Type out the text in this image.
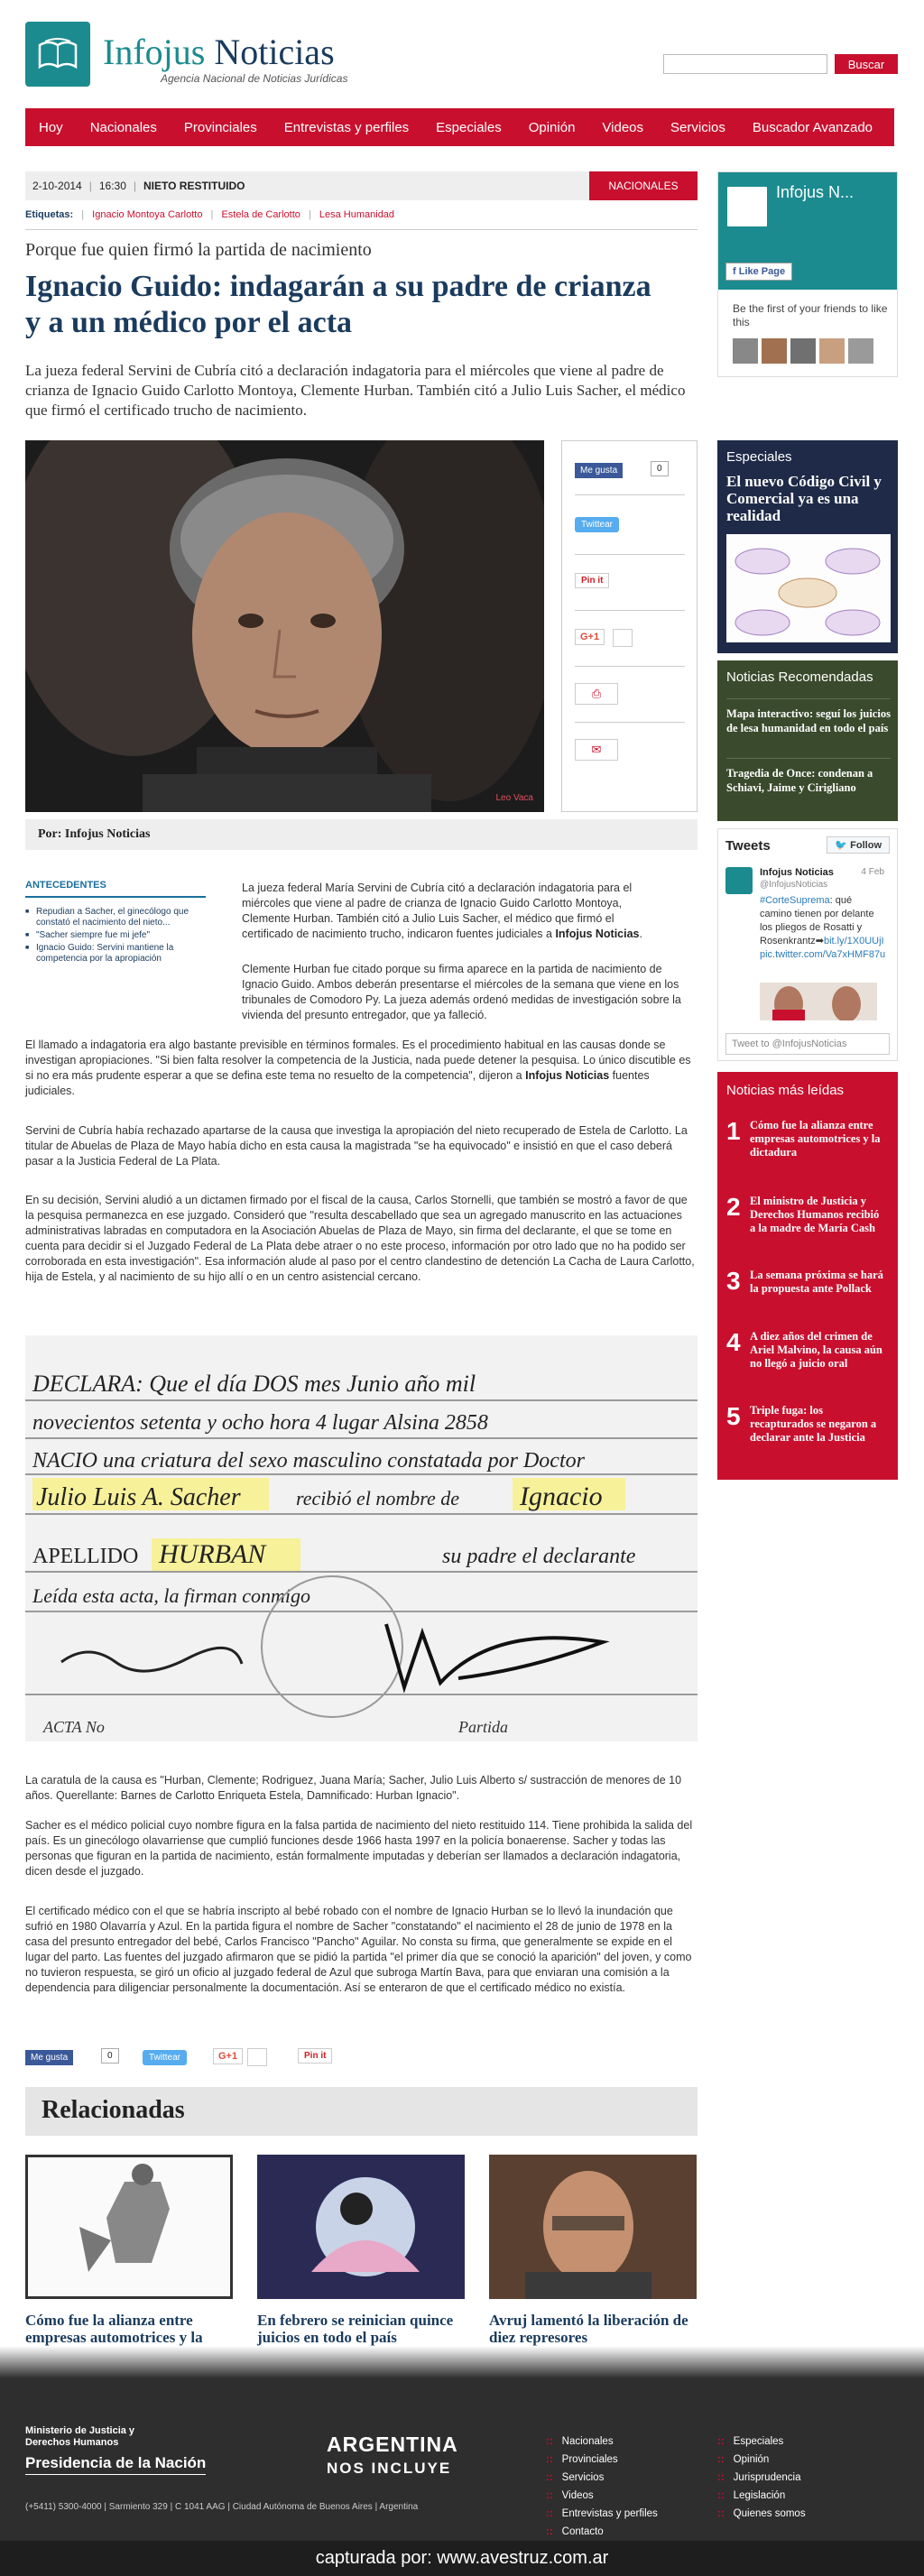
Infojus Noticias
Agencia Nacional de Noticias Jurídicas
Buscar
Hoy	Nacionales	Provinciales	Entrevistas y perfiles	Especiales	Opinión	Videos	Servicios	Buscador Avanzado
2-10-2014 | 16:30 | NIETO RESTITUIDO	NACIONALES
Etiquetas: | Ignacio Montoya Carlotto | Estela de Carlotto | Lesa Humanidad
Porque fue quien firmó la partida de nacimiento
Ignacio Guido: indagarán a su padre de crianza y a un médico por el acta

La jueza federal Servini de Cubría citó a declaración indagatoria para el miércoles que viene al padre de crianza de Ignacio Guido Carlotto Montoya, Clemente Hurban. También citó a Julio Luis Sacher, el médico que firmó el certificado trucho de nacimiento.

Leo Vaca
Me gusta	0
Twittear
Pin it
G+1
⎙
✉
Por: Infojus Noticias
ANTECEDENTES
■ Repudian a Sacher, el ginecólogo que constató el nacimiento del nieto...
■ "Sacher siempre fue mi jefe"
■ Ignacio Guido: Servini mantiene la competencia por la apropiación

La jueza federal María Servini de Cubría citó a declaración indagatoria para el miércoles que viene al padre de crianza de Ignacio Guido Carlotto Montoya, Clemente Hurban. También citó a Julio Luis Sacher, el médico que firmó el certificado de nacimiento trucho, indicaron fuentes judiciales a Infojus Noticias.

Clemente Hurban fue citado porque su firma aparece en la partida de nacimiento de Ignacio Guido. Ambos deberán presentarse el miércoles de la semana que viene en los tribunales de Comodoro Py. La jueza además ordenó medidas de investigación sobre la vivienda del presunto entregador, que ya falleció.

El llamado a indagatoria era algo bastante previsible en términos formales. Es el procedimiento habitual en las causas donde se investigan apropiaciones. "Si bien falta resolver la competencia de la Justicia, nada puede detener la pesquisa. Lo único discutible es si no era más prudente esperar a que se defina este tema no resuelto de la competencia", dijeron a Infojus Noticias fuentes judiciales.

Servini de Cubría había rechazado apartarse de la causa que investiga la apropiación del nieto recuperado de Estela de Carlotto. La titular de Abuelas de Plaza de Mayo había dicho en esta causa la magistrada "se ha equivocado" e insistió en que el caso deberá pasar a la Justicia Federal de La Plata.

En su decisión, Servini aludió a un dictamen firmado por el fiscal de la causa, Carlos Stornelli, que también se mostró a favor de que la pesquisa permanezca en ese juzgado. Consideró que "resulta descabellado que sea un agregado manuscrito en las actuaciones administrativas labradas en computadora en la Asociación Abuelas de Plaza de Mayo, sin firma del declarante, el que se tome en cuenta para decidir si el Juzgado Federal de La Plata debe atraer o no este proceso, información por otro lado que no ha podido ser corroborada en esta investigación". Esa información alude al paso por el centro clandestino de detención La Cacha de Laura Carlotto, hija de Estela, y al nacimiento de su hijo allí o en un centro asistencial cercano.

DECLARA: Que el día DOS mes Junio año mil
novecientos setenta y ocho hora 4 lugar Alsina 2858
NACIO una criatura del sexo masculino constatada por Doctor
Julio Luis A. Sacher	recibió el nombre de Ignacio
APELLIDO HURBAN	su padre el declarante
Leída esta acta, la firman conmigo
ACTA No	Partida

La caratula de la causa es "Hurban, Clemente; Rodriguez, Juana María; Sacher, Julio Luis Alberto s/ sustracción de menores de 10 años. Querellante: Barnes de Carlotto Enriqueta Estela, Damnificado: Hurban Ignacio".

Sacher es el médico policial cuyo nombre figura en la falsa partida de nacimiento del nieto restituido 114. Tiene prohibida la salida del país. Es un ginecólogo olavarriense que cumplió funciones desde 1966 hasta 1997 en la policía bonaerense. Sacher y todas las personas que figuran en la partida de nacimiento, están formalmente imputadas y deberían ser llamados a declaración indagatoria, dicen desde el juzgado.

El certificado médico con el que se habría inscripto al bebé robado con el nombre de Ignacio Hurban se lo llevó la inundación que sufrió en 1980 Olavarría y Azul. En la partida figura el nombre de Sacher "constatando" el nacimiento el 28 de junio de 1978 en la casa del presunto entregador del bebé, Carlos Francisco "Pancho" Aguilar. No consta su firma, que generalmente se expide en el lugar del parto. Las fuentes del juzgado afirmaron que se pidió la partida "el primer día que se conoció la aparición" del joven, y como no tuvieron respuesta, se giró un oficio al juzgado federal de Azul que subroga Martín Bava, para que enviaran una comisión a la dependencia para diligenciar personalmente la documentación. Así se enteraron de que el certificado médico no existía.

Me gusta	0	Twittear	G+1	Pin it
Relacionadas
Cómo fue la alianza entre empresas automotrices y la
En febrero se reinician quince juicios en todo el país
Avruj lamentó la liberación de diez represores
Infojus N...
f Like Page
Be the first of your friends to like this
Especiales
El nuevo Código Civil y Comercial ya es una realidad
Noticias Recomendadas
Mapa interactivo: seguí los juicios de lesa humanidad en todo el país
Tragedia de Once: condenan a Schiavi, Jaime y Cirigliano
Tweets	🐦 Follow
Infojus Noticias
@InfojusNoticias
4 Feb
#CorteSuprema: qué camino tienen por delante los pliegos de Rosatti y Rosenkrantz➡bit.ly/1X0UUjI pic.twitter.com/Va7xHMF87u
Tweet to @InfojusNoticias
Noticias más leídas
1 Cómo fue la alianza entre empresas automotrices y la dictadura
2 El ministro de Justicia y Derechos Humanos recibió a la madre de María Cash
3 La semana próxima se hará la propuesta ante Pollack
4 A diez años del crimen de Ariel Malvino, la causa aún no llegó a juicio oral
5 Triple fuga: los recapturados se negaron a declarar ante la Justicia
Ministerio de Justicia y Derechos Humanos
Presidencia de la Nación
(+5411) 5300-4000 | Sarmiento 329 | C 1041 AAG | Ciudad Autónoma de Buenos Aires | Argentina
ARGENTINA
NOS INCLUYE
:: Nacionales
:: Provinciales
:: Servicios
:: Videos
:: Entrevistas y perfiles
:: Contacto
:: Especiales
:: Opinión
:: Jurisprudencia
:: Legislación
:: Quienes somos
capturada por: www.avestruz.com.ar
